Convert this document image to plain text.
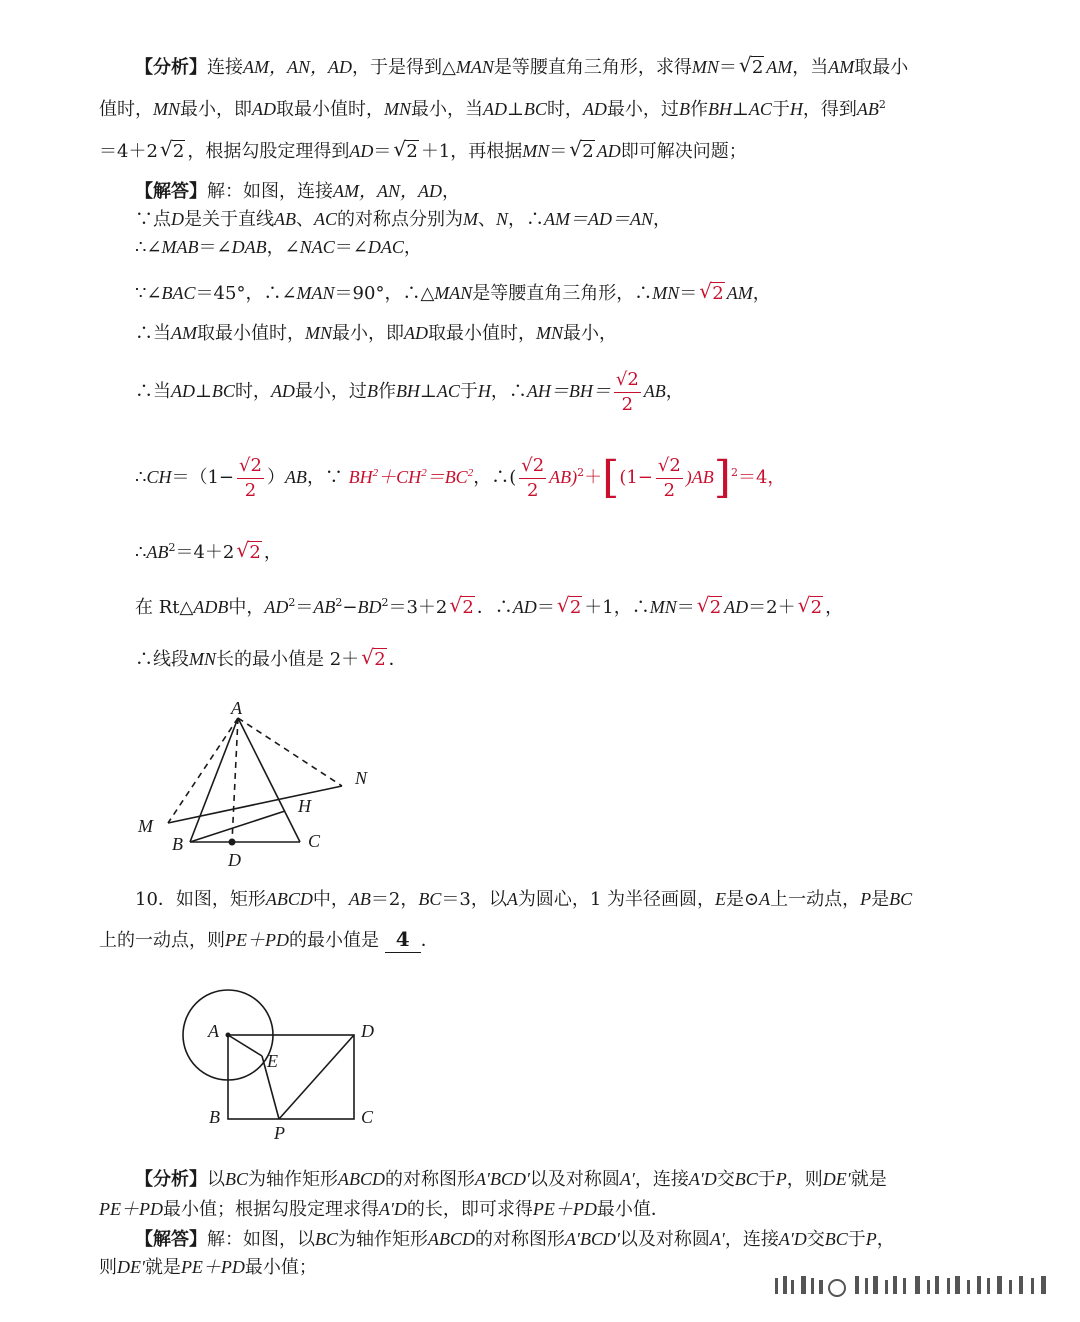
【分析】连接AM，AN，AD，于是得到△MAN是等腰直角三角形，求得MN＝√ 2 AM，当AM取最小
值时，MN最小，即AD取最小值时，MN最小，当AD⊥BC时，AD最小，过B作BH⊥AC于H，得到$AB^2$
＝4＋2√ 2 ，根据勾股定理得到AD＝√ 2 ＋1，再根据MN＝√ 2 AD即可解决问题；
【解答】解：如图，连接AM，AN，AD，
∵点D是关于直线AB、AC的对称点分别为M、N，∴AM＝AD＝AN，
∴∠MAB＝∠DAB，∠NAC＝∠DAC，
∵∠BAC＝45°，∴∠MAN＝90°，∴△MAN是等腰直角三角形，∴MN＝√ 2 AM，
∴当AM取最小值时，MN最小，即AD取最小值时，MN最小，
∴当AD⊥BC时，AD最小，过B作BH⊥AC于H，∴AH＝BH＝ $\frac{√2}{2}$ AB，
∴CH＝（1− $\frac{√2}{2} )AB$，∵ $BH^2+CH^2=BC^2$，∴( $\frac{√2}{2} AB)^2+[(1- \frac{√2}{2} )AB]^2=4$，
$\therefore AB^2=4+2√$ 2 ，
在 Rt△ADB中，$AD^2=AB^2-BD^2=3+2√$ 2 ．∴AD＝√ 2 ＋1，∴MN＝√ 2 AD＝2＋√ 2 ，
∴线段MN长的最小值是 2＋√ 2 ．
A
N
H
M
B	C
D
10．如图，矩形ABCD中，AB＝2，BC＝3，以A为圆心，1 为半径画圆，E是⊙A上一动点，P是BC
上的一动点，则PE＋PD的最小值是 4 ．
A	D
E
B
P
C
【分析】以BC为轴作矩形ABCD的对称图形A′BCD′以及对称圆A′，连接A′D交BC于P，则DE′就是
PE＋PD最小值；根据勾股定理求得A′D的长，即可求得PE＋PD最小值．
【解答】解：如图，以BC为轴作矩形ABCD的对称图形A′BCD′以及对称圆A′，连接A′D交BC于P，
则DE′就是PE＋PD最小值；
